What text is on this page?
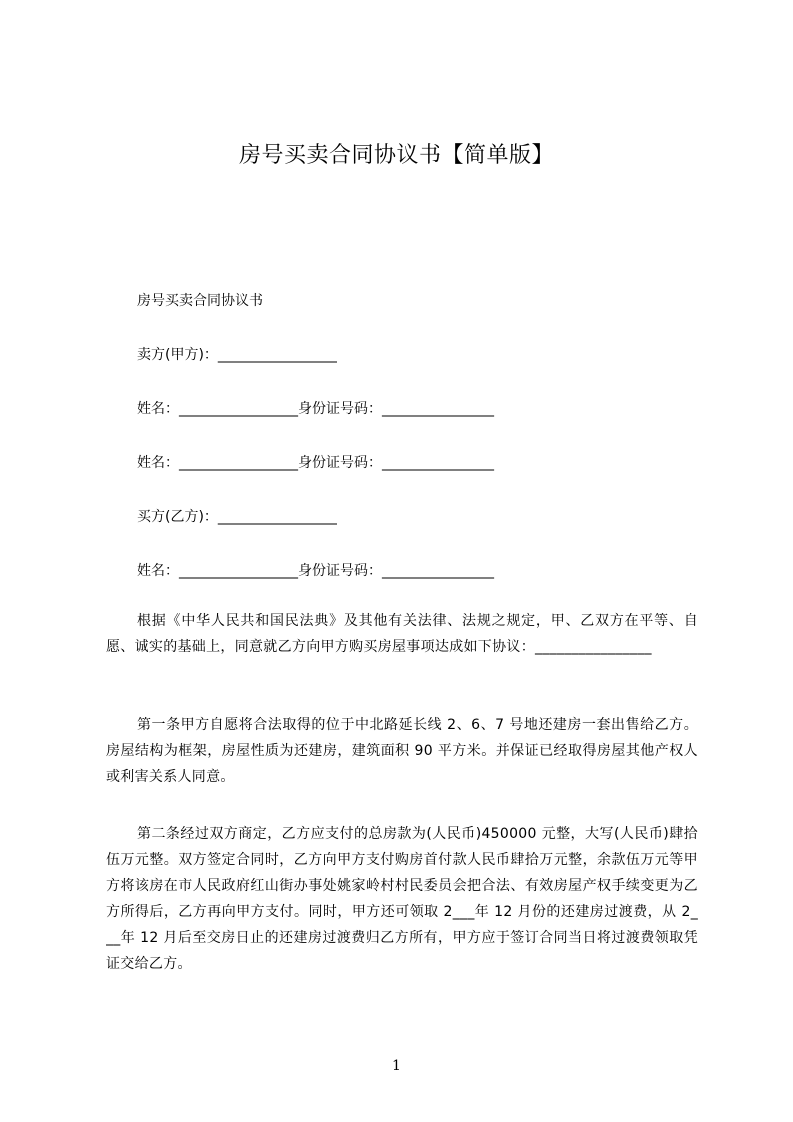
房号买卖合同协议书【简单版】
房号买卖合同协议书
卖方(甲方)：_________________
姓名：_________________身份证号码：________________
姓名：_________________身份证号码：________________
买方(乙方)：_________________
姓名：_________________身份证号码：________________
根据《中华人民共和国民法典》及其他有关法律、法规之规定，甲、乙双方在平等、自愿、诚实的基础上，同意就乙方向甲方购买房屋事项达成如下协议：________________
第一条甲方自愿将合法取得的位于中北路延长线 2、6、7 号地还建房一套出售给乙方。房屋结构为框架，房屋性质为还建房，建筑面积 90 平方米。并保证已经取得房屋其他产权人或利害关系人同意。
第二条经过双方商定，乙方应支付的总房款为(人民币)450000 元整，大写(人民币)肆拾伍万元整。双方签定合同时，乙方向甲方支付购房首付款人民币肆拾万元整，余款伍万元等甲方将该房在市人民政府红山街办事处姚家岭村村民委员会把合法、有效房屋产权手续变更为乙方所得后，乙方再向甲方支付。同时，甲方还可领取 2___年 12 月份的还建房过渡费，从 2___年 12 月后至交房日止的还建房过渡费归乙方所有，甲方应于签订合同当日将过渡费领取凭证交给乙方。
1
